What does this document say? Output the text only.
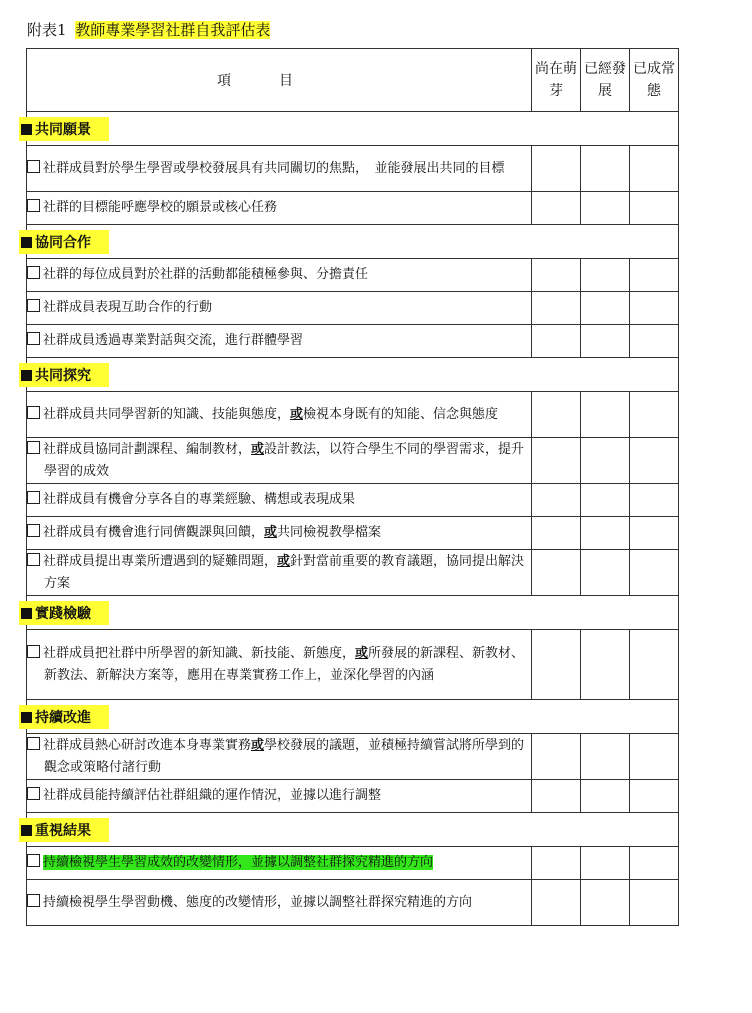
附表1 教師專業學習社群自我評估表
項目	尚在萌芽	已經發展	已成常態
共同願景			

社群成員對於學生學習或學校發展具有共同關切的焦點，　並能發展出共同的目標			

社群的目標能呼應學校的願景或核心任務			

協同合作			

社群的每位成員對於社群的活動都能積極參與、分擔責任			

社群成員表現互助合作的行動			

社群成員透過專業對話與交流，進行群體學習			

共同探究			

社群成員共同學習新的知識、技能與態度，或檢視本身既有的知能、信念與態度			

社群成員協同計劃課程、編制教材，或設計教法，以符合學生不同的學習需求，提升學習的成效			

社群成員有機會分享各自的專業經驗、構想或表現成果			

社群成員有機會進行同儕觀課與回饋，或共同檢視教學檔案			

社群成員提出專業所遭遇到的疑難問題，或針對當前重要的教育議題，協同提出解決方案			

實踐檢驗			

社群成員把社群中所學習的新知識、新技能、新態度，或所發展的新課程、新教材、新教法、新解決方案等，應用在專業實務工作上，並深化學習的內涵			

持續改進			

社群成員熱心研討改進本身專業實務或學校發展的議題，並積極持續嘗試將所學到的觀念或策略付諸行動			

社群成員能持續評估社群組織的運作情況，並據以進行調整			

重視結果			

持續檢視學生學習成效的改變情形，並據以調整社群探究精進的方向			

持續檢視學生學習動機、態度的改變情形，並據以調整社群探究精進的方向			
